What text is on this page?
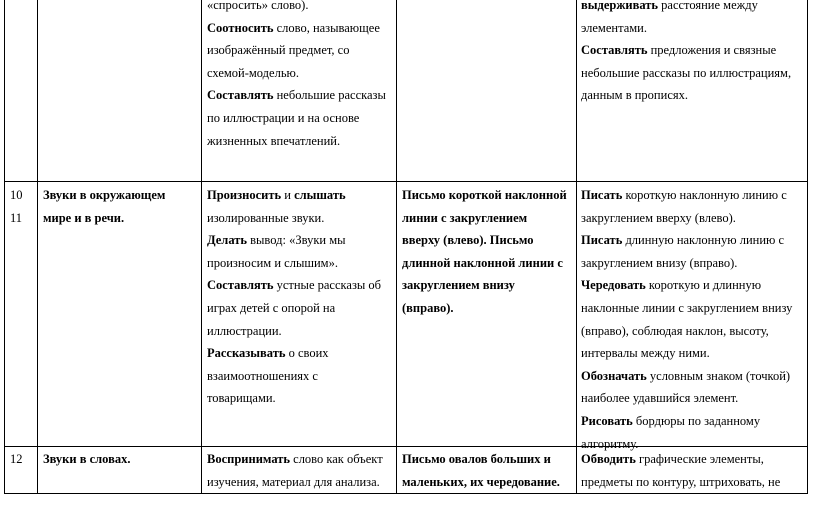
«спросить» слово).

Соотносить слово, называющее

изображённый предмет, со

схемой-моделью.

Составлять небольшие рассказы

по иллюстрации и на основе

жизненных впечатлений.

выдерживать расстояние между

элементами.

Составлять предложения и связные

небольшие рассказы по иллюстрациям,

данным в прописях.

10

11

Звуки в окружающем

мире и в речи.

Произносить и слышать

изолированные звуки.

Делать вывод: «Звуки мы

произносим и слышим».

Составлять устные рассказы об

играх детей с опорой на

иллюстрации.

Рассказывать о своих

взаимоотношениях с

товарищами.

Письмо короткой наклонной

линии с закруглением

вверху (влево). Письмо

длинной наклонной линии с

закруглением внизу

(вправо).

Писать короткую наклонную линию с

закруглением вверху (влево).

Писать длинную наклонную линию с

закруглением внизу (вправо).

Чередовать короткую и длинную

наклонные линии с закруглением внизу

(вправо), соблюдая наклон, высоту,

интервалы между ними.

Обозначать условным знаком (точкой)

наиболее удавшийся элемент.

Рисовать бордюры по заданному

алгоритму.

12	Звуки в словах.	Воспринимать слово как объект

изучения, материал для анализа.

Письмо овалов больших и

маленьких, их чередование.

Обводить графические элементы,

предметы по контуру, штриховать, не
